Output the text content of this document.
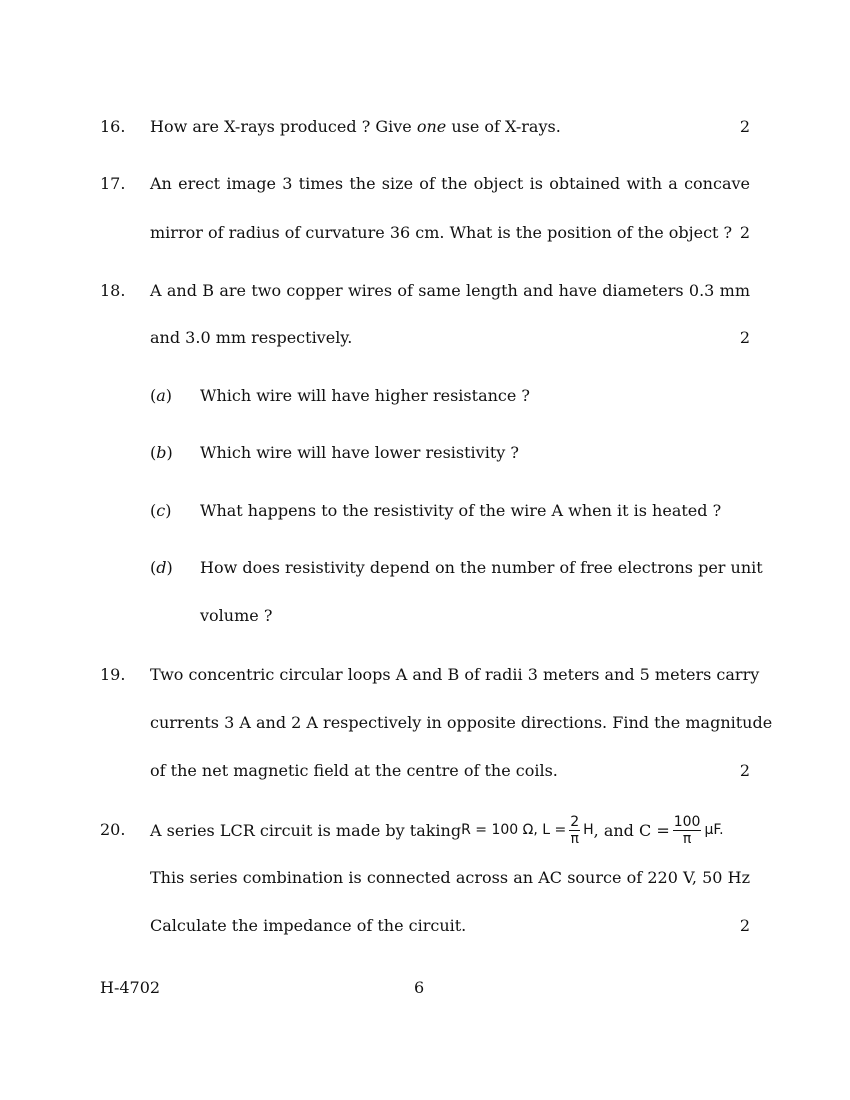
16. How are X-rays produced ? Give one use of X-rays.	2
17. An erect image 3 times the size of the object is obtained with a concave
mirror of radius of curvature 36 cm. What is the position of the object ? 2
18. A and B are two copper wires of same length and have diameters 0.3 mm
and 3.0 mm respectively.	2
(a) Which wire will have higher resistance ?
(b) Which wire will have lower resistivity ?
(c) What happens to the resistivity of the wire A when it is heated ?
(d) How does resistivity depend on the number of free electrons per unit
volume ?
19. Two concentric circular loops A and B of radii 3 meters and 5 meters carry
currents 3 A and 2 A respectively in opposite directions. Find the magnitude
of the net magnetic field at the centre of the coils.	2
20. A series LCR circuit is made by taking R = 100 Ω, $L = \frac{2}{\pi}$ H , and $C = \frac{100}{\pi} \mu F$.
This series combination is connected across an AC source of 220 V, 50 Hz
Calculate the impedance of the circuit.	2
H-4702	6
